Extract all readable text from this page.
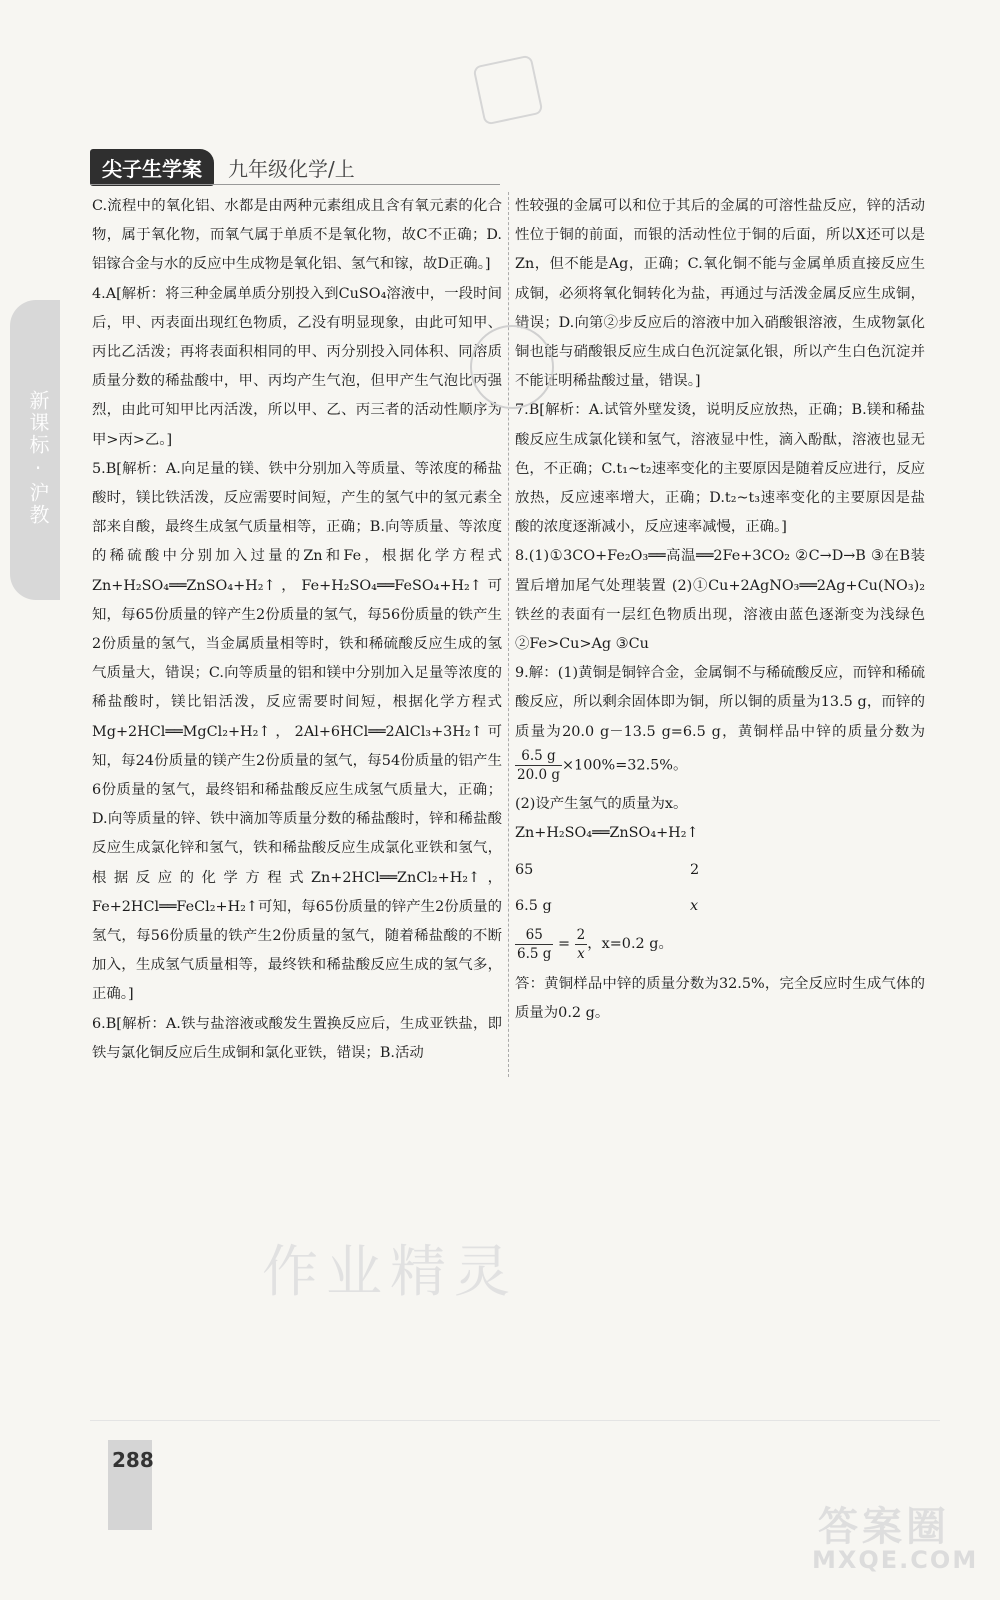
尖子生学案	九年级化学/上
新课标·沪教

C.流程中的氧化铝、水都是由两种元素组成且含有氧元素的化合物，属于氧化物，而氧气属于单质不是氧化物，故C不正确；D.铝镓合金与水的反应中生成物是氧化铝、氢气和镓，故D正确。]

4.A[解析：将三种金属单质分别投入到CuSO₄溶液中，一段时间后，甲、丙表面出现红色物质，乙没有明显现象，由此可知甲、丙比乙活泼；再将表面积相同的甲、丙分别投入同体积、同溶质质量分数的稀盐酸中，甲、丙均产生气泡，但甲产生气泡比丙强烈，由此可知甲比丙活泼，所以甲、乙、丙三者的活动性顺序为甲>丙>乙。]

5.B[解析：A.向足量的镁、铁中分别加入等质量、等浓度的稀盐酸时，镁比铁活泼，反应需要时间短，产生的氢气中的氢元素全部来自酸，最终生成氢气质量相等，正确；B.向等质量、等浓度的稀硫酸中分别加入过量的Zn和Fe，根据化学方程式 Zn+H₂SO₄══ZnSO₄+H₂↑，Fe+H₂SO₄══FeSO₄+H₂↑可知，每65份质量的锌产生2份质量的氢气，每56份质量的铁产生2份质量的氢气，当金属质量相等时，铁和稀硫酸反应生成的氢气质量大，错误；C.向等质量的铝和镁中分别加入足量等浓度的稀盐酸时，镁比铝活泼，反应需要时间短，根据化学方程式Mg+2HCl══MgCl₂+H₂↑，2Al+6HCl══2AlCl₃+3H₂↑可知，每24份质量的镁产生2份质量的氢气，每54份质量的铝产生6份质量的氢气，最终铝和稀盐酸反应生成氢气质量大，正确；D.向等质量的锌、铁中滴加等质量分数的稀盐酸时，锌和稀盐酸反应生成氯化锌和氢气，铁和稀盐酸反应生成氯化亚铁和氢气，根据反应的化学方程式Zn+2HCl══ZnCl₂+H₂↑，Fe+2HCl══FeCl₂+H₂↑可知，每65份质量的锌产生2份质量的氢气，每56份质量的铁产生2份质量的氢气，随着稀盐酸的不断加入，生成氢气质量相等，最终铁和稀盐酸反应生成的氢气多，正确。]

6.B[解析：A.铁与盐溶液或酸发生置换反应后，生成亚铁盐，即铁与氯化铜反应后生成铜和氯化亚铁，错误；B.活动

性较强的金属可以和位于其后的金属的可溶性盐反应，锌的活动性位于铜的前面，而银的活动性位于铜的后面，所以X还可以是Zn，但不能是Ag，正确；C.氧化铜不能与金属单质直接反应生成铜，必须将氧化铜转化为盐，再通过与活泼金属反应生成铜，错误；D.向第②步反应后的溶液中加入硝酸银溶液，生成物氯化铜也能与硝酸银反应生成白色沉淀氯化银，所以产生白色沉淀并不能证明稀盐酸过量，错误。]

7.B[解析：A.试管外壁发烫，说明反应放热，正确；B.镁和稀盐酸反应生成氯化镁和氢气，溶液显中性，滴入酚酞，溶液也显无色，不正确；C.t₁~t₂速率变化的主要原因是随着反应进行，反应放热，反应速率增大，正确；D.t₂~t₃速率变化的主要原因是盐酸的浓度逐渐减小，反应速率减慢，正确。]

8.(1)①3CO+Fe₂O₃══高温══2Fe+3CO₂ ②C→D→B ③在B装置后增加尾气处理装置 (2)①Cu+2AgNO₃══2Ag+Cu(NO₃)₂ 铁丝的表面有一层红色物质出现，溶液由蓝色逐渐变为浅绿色 ②Fe>Cu>Ag ③Cu

9.解：(1)黄铜是铜锌合金，金属铜不与稀硫酸反应，而锌和稀硫酸反应，所以剩余固体即为铜，所以铜的质量为13.5 g，而锌的质量为20.0 g－13.5 g=6.5 g，黄铜样品中锌的质量分数为
$\frac{6.5 g}{20.0 g} \times 100\%=32.5\%$。

(2)设产生氢气的质量为x。

Zn+H₂SO₄══ZnSO₄+H₂↑

65	2
6.5 g	x

$\frac{65}{6.5 g} = \frac{2}{x}$ ，x=0.2 g。

答：黄铜样品中锌的质量分数为32.5%，完全反应时生成气体的质量为0.2 g。

作业精灵
288
答案圈
MXQE.COM
